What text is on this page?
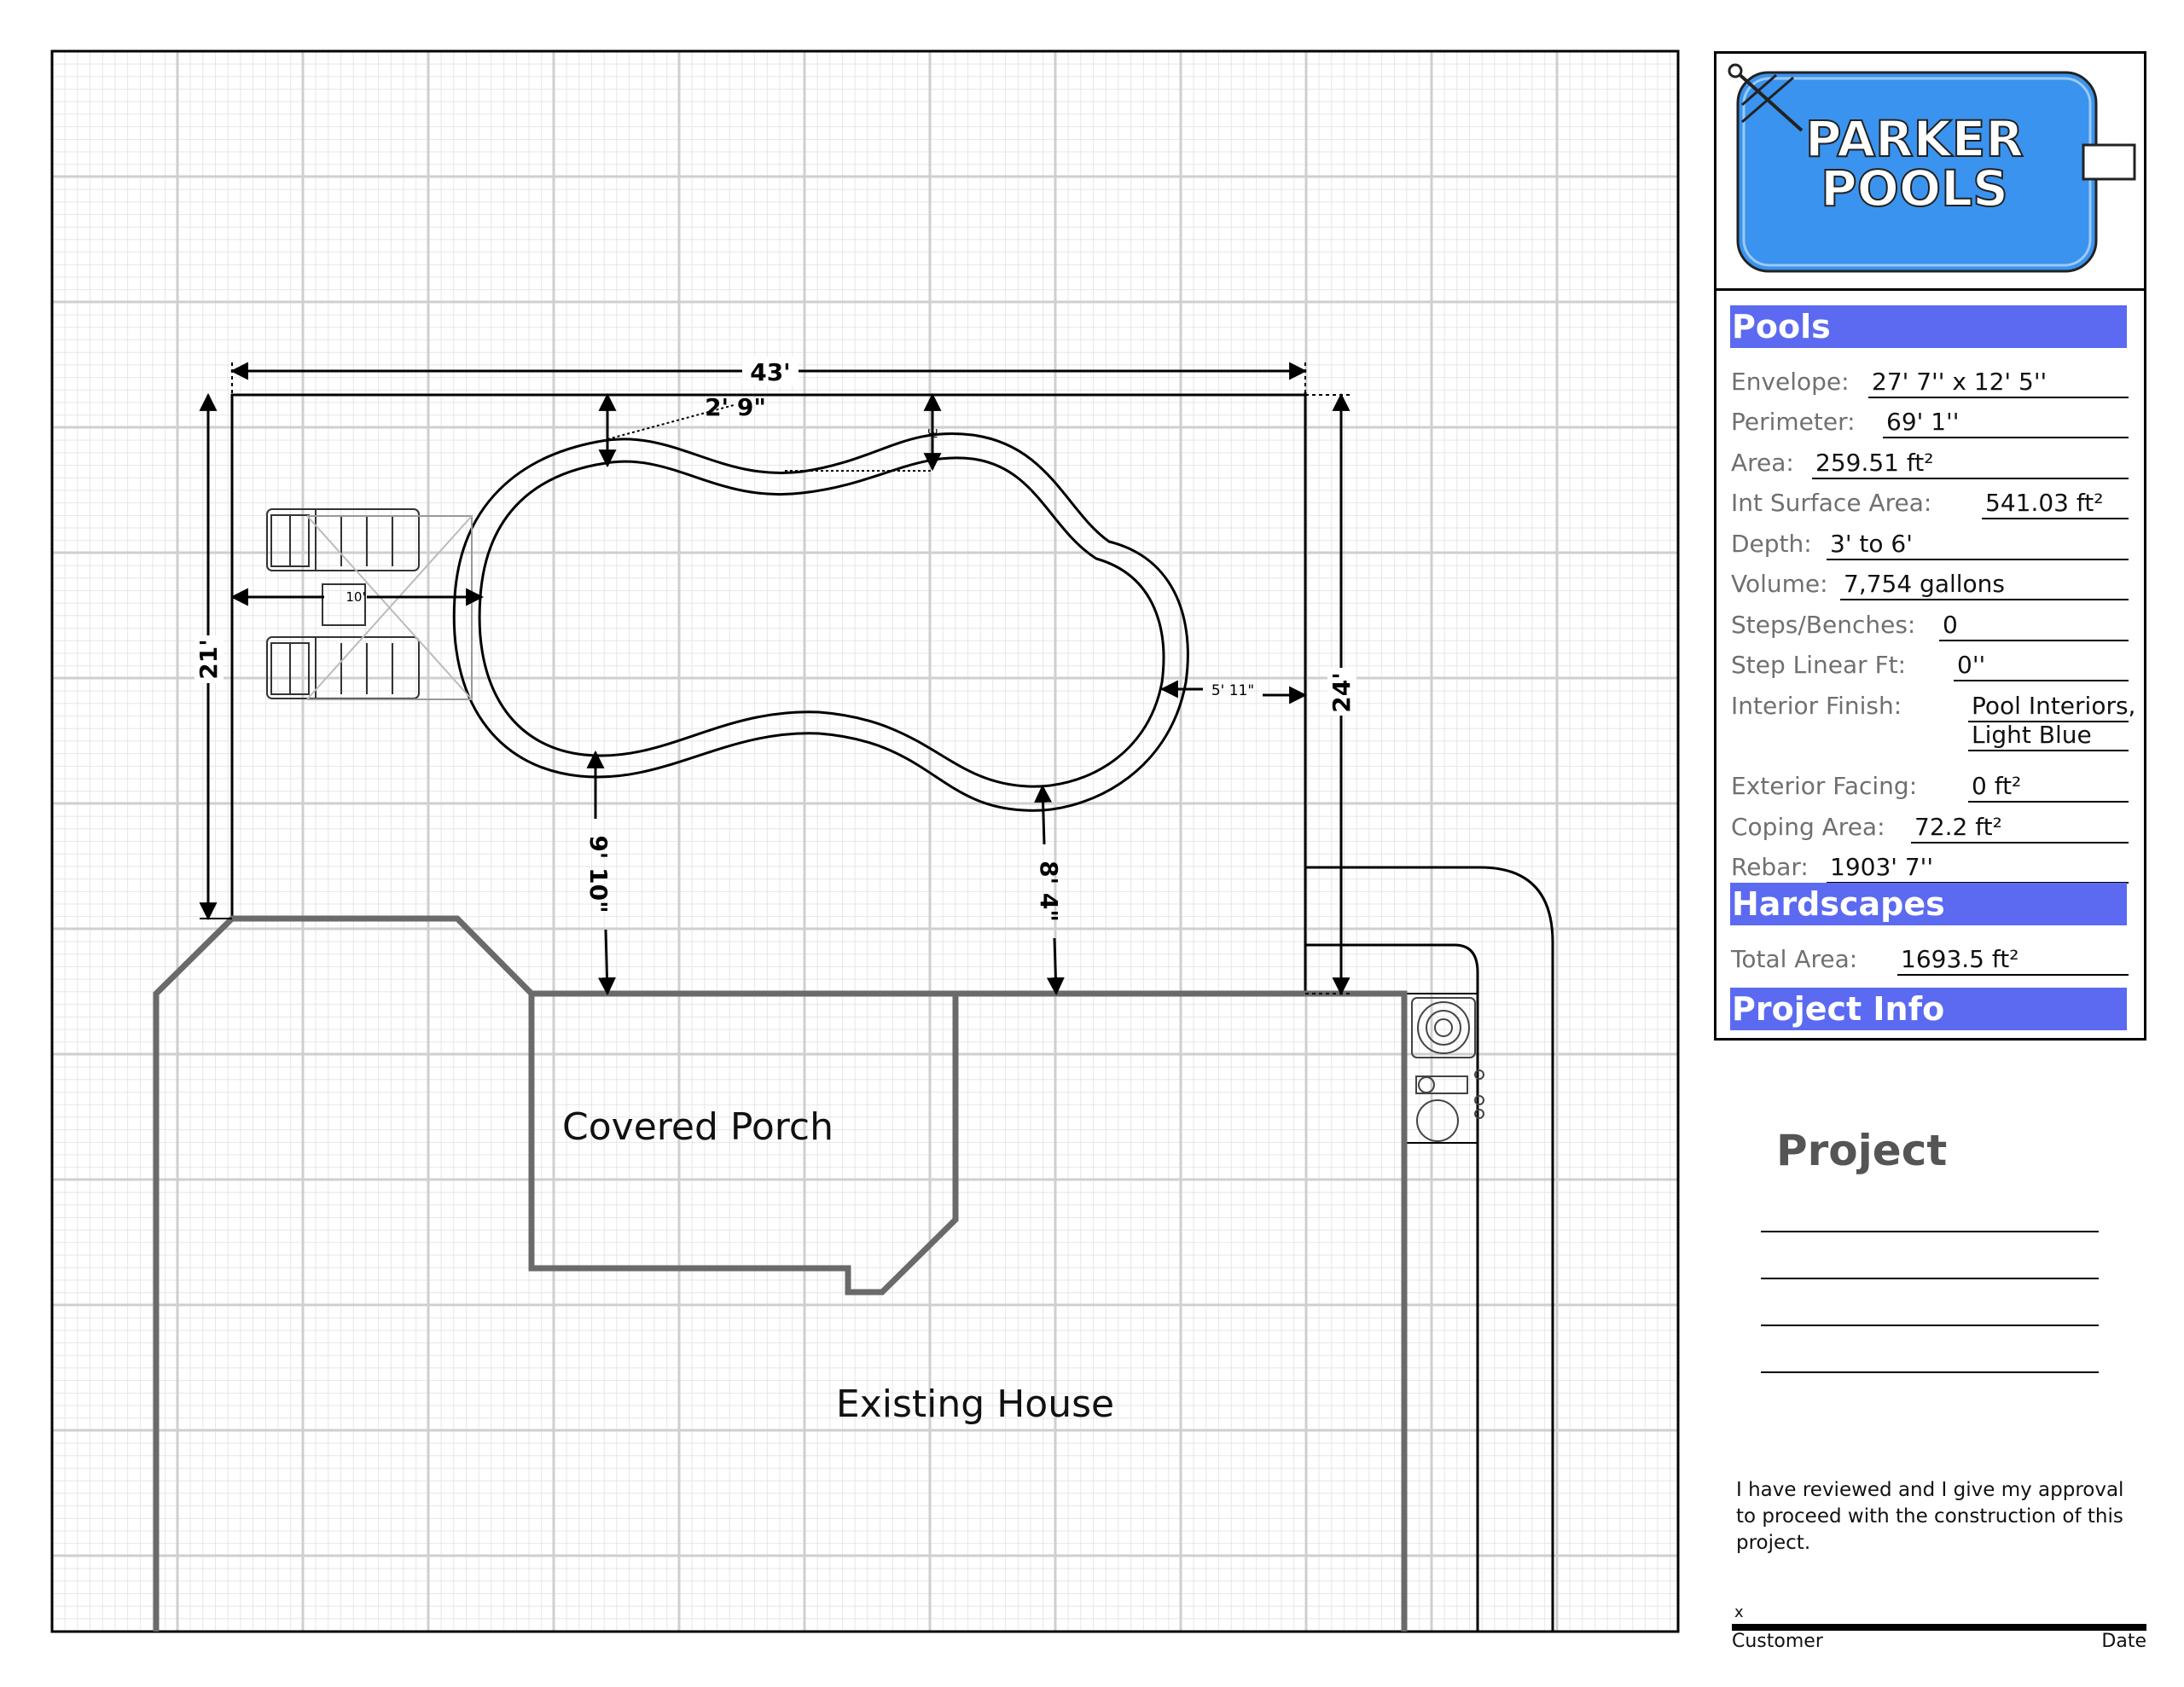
43'
2' 9"
3'
21'
24'
5' 11"
10'
9' 10"	8' 4"
Covered Porch
Existing House
PARKER
POOLS
Pools
Envelope: 27' 7'' x 12' 5''
Perimeter: 69' 1''
Area: 259.51 ft²
Int Surface Area: 541.03 ft²
Depth: 3' to 6'
Volume: 7,754 gallons
Steps/Benches: 0
Step Linear Ft: 0''
Interior Finish:	Pool Interiors,
Light Blue
Exterior Facing: 0 ft²
Coping Area: 72.2 ft²
Rebar: 1903' 7''
Hardscapes
Total Area: 1693.5 ft²
Project Info
Project
I have reviewed and I give my approval to proceed with the construction of this project.
x
Customer	Date
